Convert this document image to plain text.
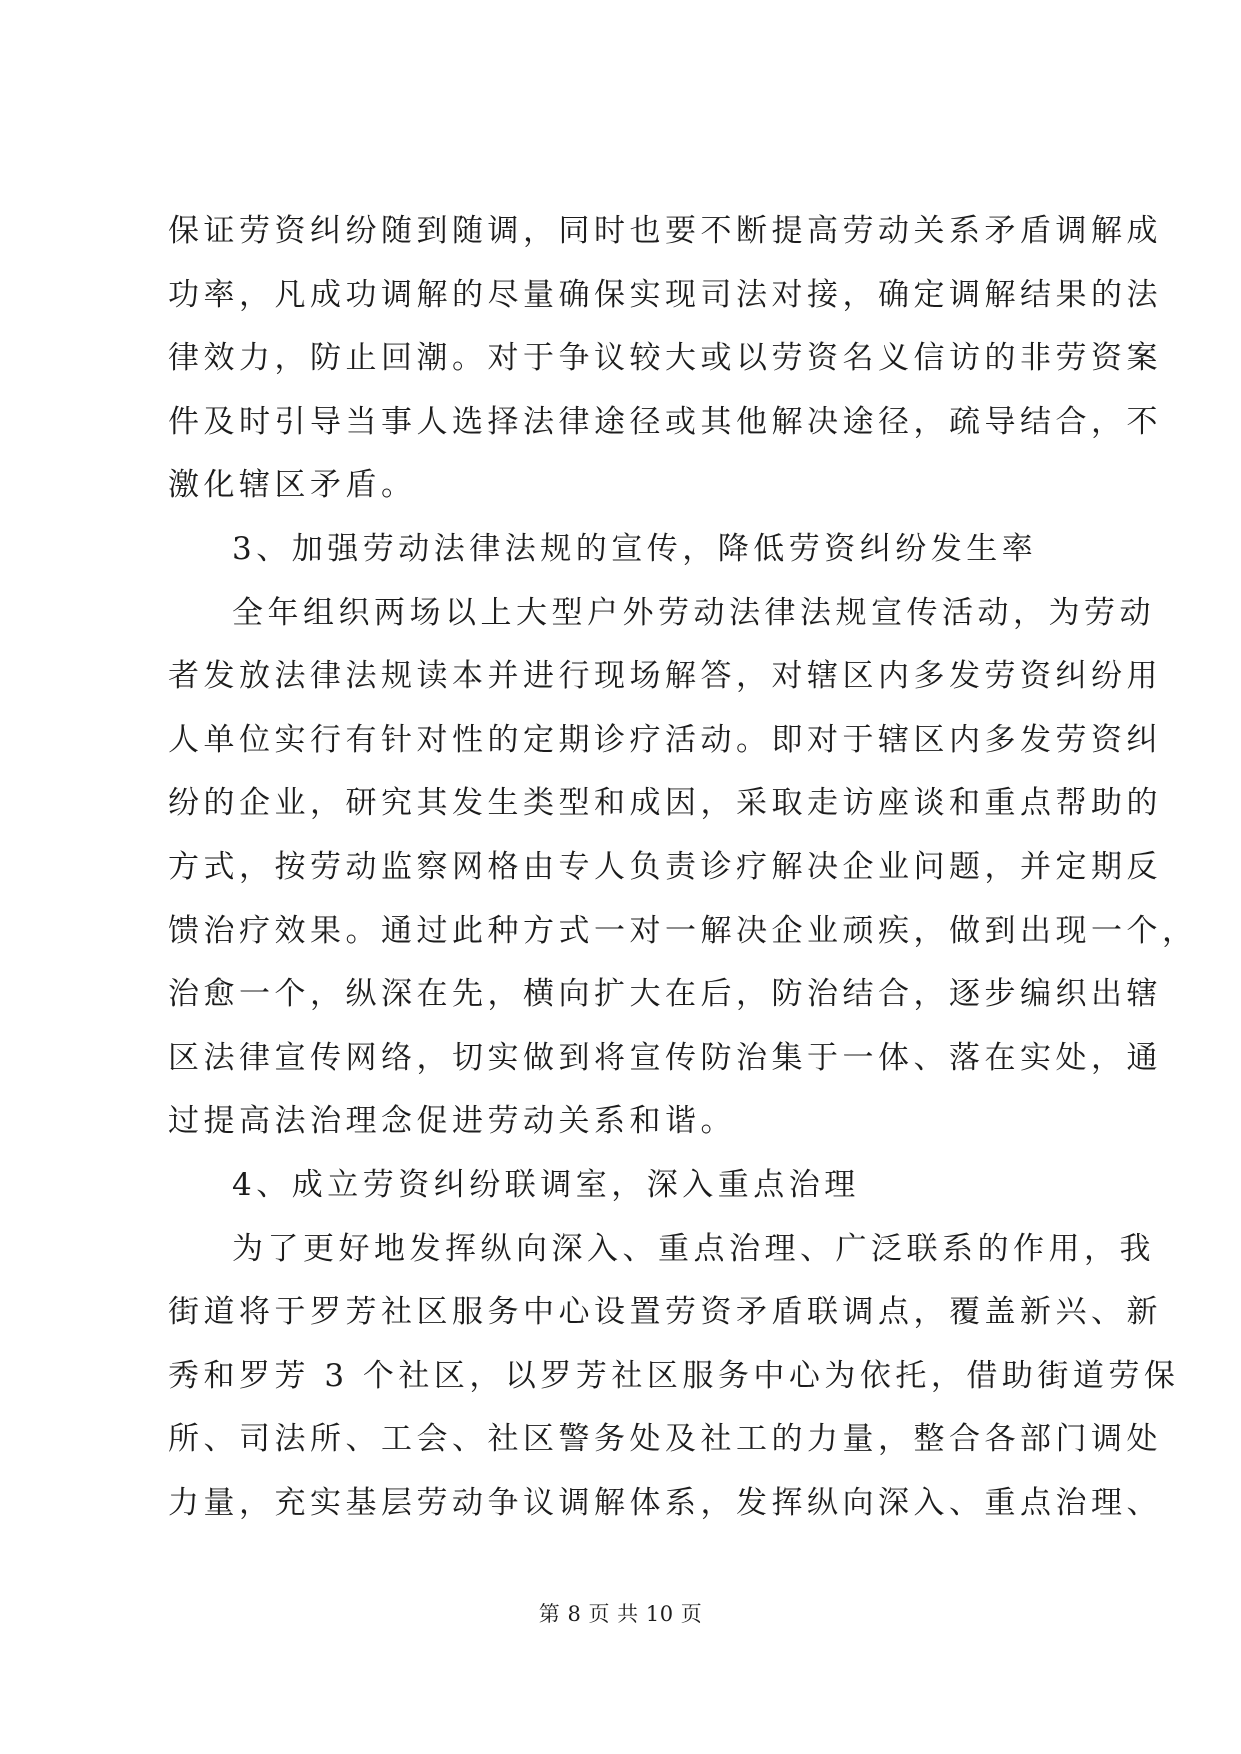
保证劳资纠纷随到随调，同时也要不断提高劳动关系矛盾调解成
功率，凡成功调解的尽量确保实现司法对接，确定调解结果的法
律效力，防止回潮。对于争议较大或以劳资名义信访的非劳资案
件及时引导当事人选择法律途径或其他解决途径，疏导结合，不
激化辖区矛盾。
3、加强劳动法律法规的宣传，降低劳资纠纷发生率
全年组织两场以上大型户外劳动法律法规宣传活动，为劳动
者发放法律法规读本并进行现场解答，对辖区内多发劳资纠纷用
人单位实行有针对性的定期诊疗活动。即对于辖区内多发劳资纠
纷的企业，研究其发生类型和成因，采取走访座谈和重点帮助的
方式，按劳动监察网格由专人负责诊疗解决企业问题，并定期反
馈治疗效果。通过此种方式一对一解决企业顽疾，做到出现一个，
治愈一个，纵深在先，横向扩大在后，防治结合，逐步编织出辖
区法律宣传网络，切实做到将宣传防治集于一体、落在实处，通
过提高法治理念促进劳动关系和谐。
4、成立劳资纠纷联调室，深入重点治理
为了更好地发挥纵向深入、重点治理、广泛联系的作用，我
街道将于罗芳社区服务中心设置劳资矛盾联调点，覆盖新兴、新
秀和罗芳 3 个社区，以罗芳社区服务中心为依托，借助街道劳保
所、司法所、工会、社区警务处及社工的力量，整合各部门调处
力量，充实基层劳动争议调解体系，发挥纵向深入、重点治理、
第 8 页 共 10 页
